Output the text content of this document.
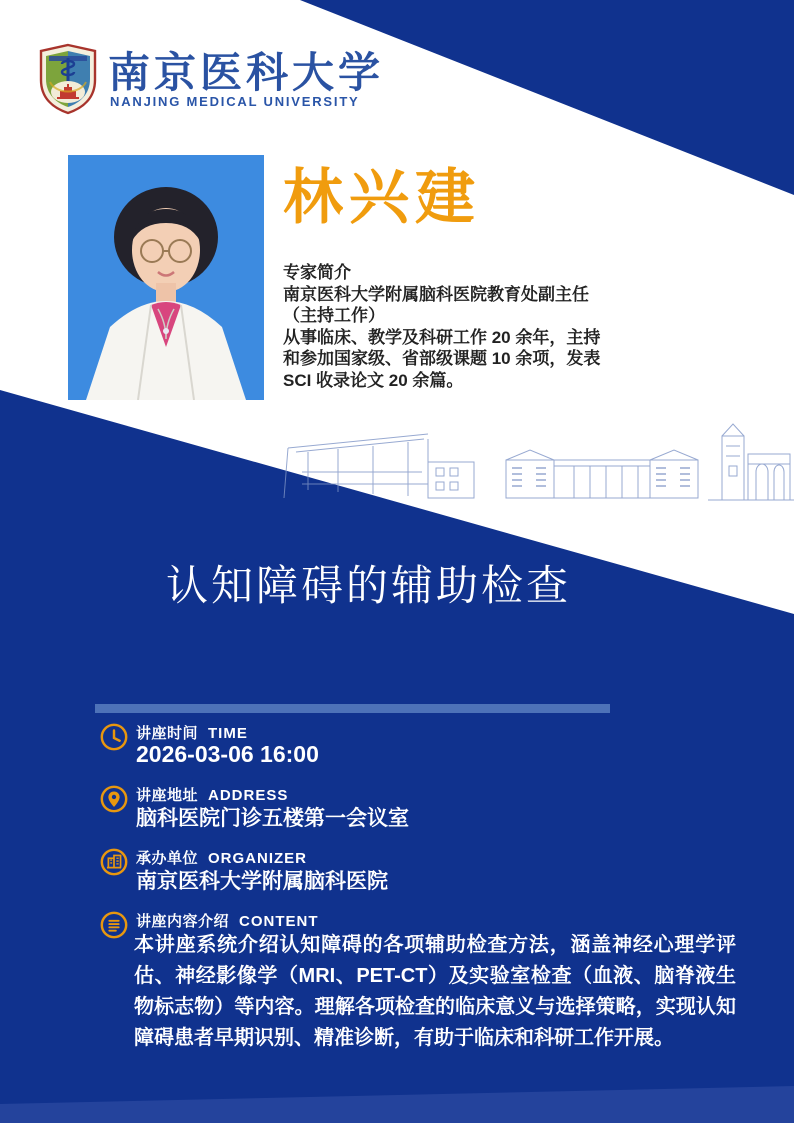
南京医科大学
NANJING MEDICAL UNIVERSITY
林兴建
专家简介
南京医科大学附属脑科医院教育处副主任
（主持工作）
从事临床、教学及科研工作 20 余年，主持
和参加国家级、省部级课题 10 余项，发表
SCI 收录论文 20 余篇。
认知障碍的辅助检查
讲座时间 TIME
2026-03-06 16:00
讲座地址 ADDRESS
脑科医院门诊五楼第一会议室
承办单位 ORGANIZER
南京医科大学附属脑科医院
讲座内容介绍 CONTENT
本讲座系统介绍认知障碍的各项辅助检查方法，涵盖神经心理学评估、神经影像学（MRI、PET-CT）及实验室检查（血液、脑脊液生物标志物）等内容。理解各项检查的临床意义与选择策略，实现认知障碍患者早期识别、精准诊断，有助于临床和科研工作开展。
